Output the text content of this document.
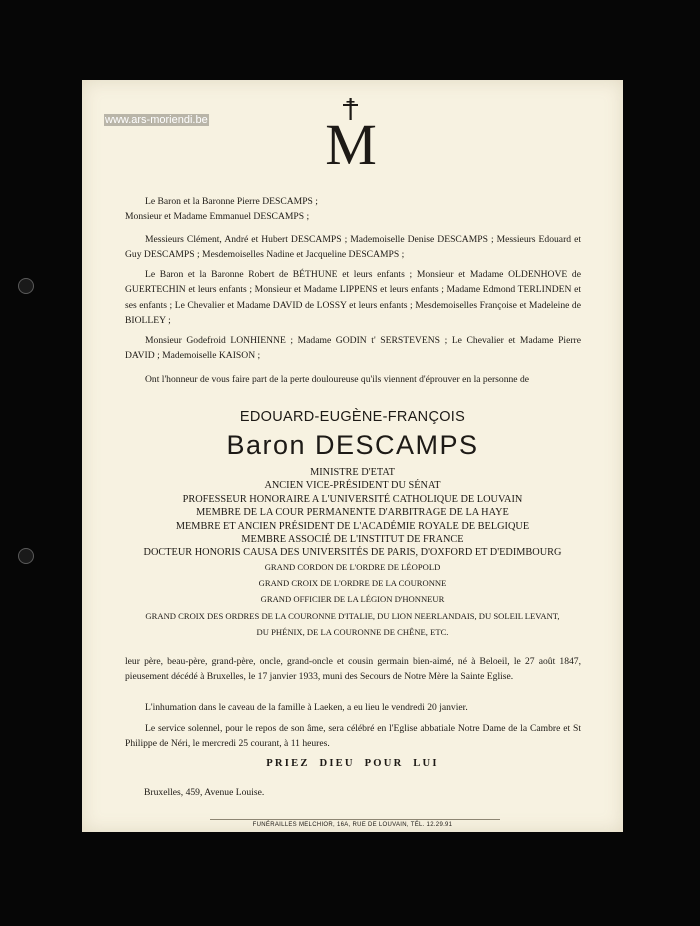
www.ars-moriendi.be M
Le Baron et la Baronne Pierre DESCAMPS ;
Monsieur et Madame Emmanuel DESCAMPS ;
Messieurs Clément, André et Hubert DESCAMPS ; Mademoiselle Denise DESCAMPS ; Messieurs Edouard et Guy DESCAMPS ; Mesdemoiselles Nadine et Jacqueline DESCAMPS ;
Le Baron et la Baronne Robert de BÉTHUNE et leurs enfants ; Monsieur et Madame OLDENHOVE de GUERTECHIN et leurs enfants ; Monsieur et Madame LIPPENS et leurs enfants ; Madame Edmond TERLINDEN et ses enfants ; Le Chevalier et Madame DAVID de LOSSY et leurs enfants ; Mesdemoiselles Françoise et Madeleine de BIOLLEY ;
Monsieur Godefroid LONHIENNE ; Madame GODIN t' SERSTEVENS ; Le Chevalier et Madame Pierre DAVID ; Mademoiselle KAISON ;
Ont l'honneur de vous faire part de la perte douloureuse qu'ils viennent d'éprouver en la personne de
EDOUARD-EUGÈNE-FRANÇOIS
Baron DESCAMPS
MINISTRE D'ETAT
ANCIEN VICE-PRÉSIDENT DU SÉNAT
PROFESSEUR HONORAIRE A L'UNIVERSITÉ CATHOLIQUE DE LOUVAIN
MEMBRE DE LA COUR PERMANENTE D'ARBITRAGE DE LA HAYE
MEMBRE ET ANCIEN PRÉSIDENT DE L'ACADÉMIE ROYALE DE BELGIQUE
MEMBRE ASSOCIÉ DE L'INSTITUT DE FRANCE
DOCTEUR HONORIS CAUSA DES UNIVERSITÉS DE PARIS, D'OXFORD ET D'EDIMBOURG
GRAND CORDON DE L'ORDRE DE LÉOPOLD
GRAND CROIX DE L'ORDRE DE LA COURONNE
GRAND OFFICIER DE LA LÉGION D'HONNEUR
GRAND CROIX DES ORDRES DE LA COURONNE D'ITALIE, DU LION NEERLANDAIS, DU SOLEIL LEVANT,
DU PHÉNIX, DE LA COURONNE DE CHÊNE, ETC.
leur père, beau-père, grand-père, oncle, grand-oncle et cousin germain bien-aimé, né à Beloeil, le 27 août 1847, pieusement décédé à Bruxelles, le 17 janvier 1933, muni des Secours de Notre Mère la Sainte Eglise.
L'inhumation dans le caveau de la famille à Laeken, a eu lieu le vendredi 20 janvier.
Le service solennel, pour le repos de son âme, sera célébré en l'Eglise abbatiale Notre Dame de la Cambre et St Philippe de Néri, le mercredi 25 courant, à 11 heures.
PRIEZ DIEU POUR LUI
Bruxelles, 459, Avenue Louise.
FUNÉRAILLES MELCHIOR, 16A, RUE DE LOUVAIN, TÉL. 12.29.91
